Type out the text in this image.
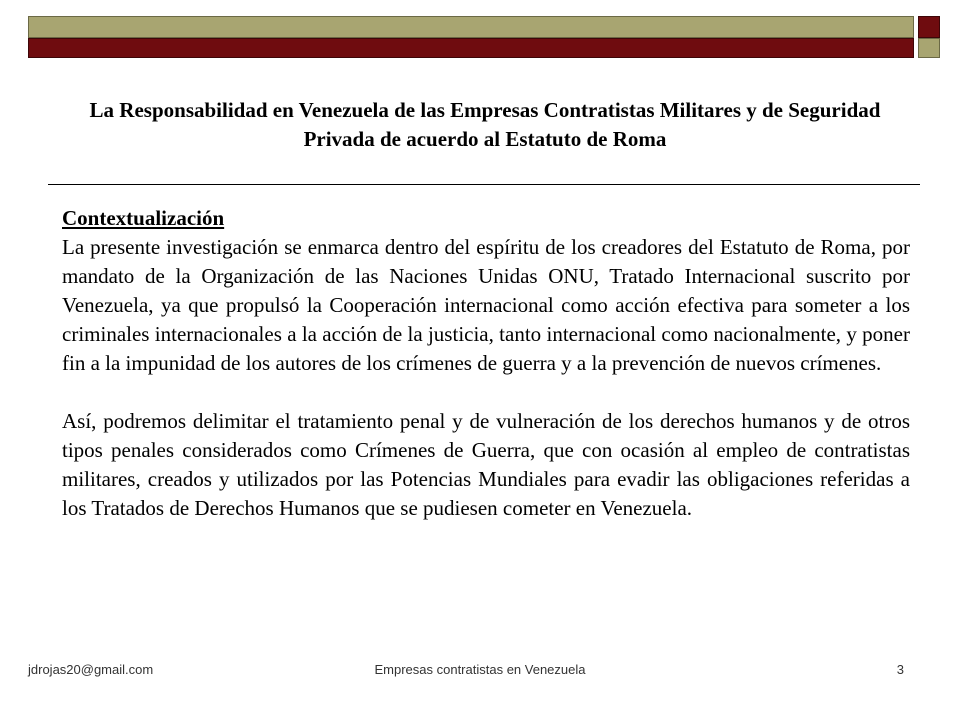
La Responsabilidad en Venezuela de las Empresas Contratistas Militares y de Seguridad Privada de acuerdo al Estatuto de Roma
Contextualización

La presente investigación se enmarca dentro del espíritu de los creadores del Estatuto de Roma, por mandato de la Organización de las Naciones Unidas ONU, Tratado Internacional suscrito por Venezuela, ya que propulsó la Cooperación internacional como acción efectiva para someter a los criminales internacionales a la acción de la justicia, tanto internacional como nacionalmente, y poner fin a la impunidad de los autores de los crímenes de guerra y a la prevención de nuevos crímenes.

Así, podremos delimitar el tratamiento penal y de vulneración de los derechos humanos y de otros tipos penales considerados como Crímenes de Guerra, que con ocasión al empleo de contratistas militares, creados y utilizados por las Potencias Mundiales para evadir las obligaciones referidas a los Tratados de Derechos Humanos que se pudiesen cometer en Venezuela.

jdrojas20@gmail.com	Empresas contratistas en Venezuela	3
